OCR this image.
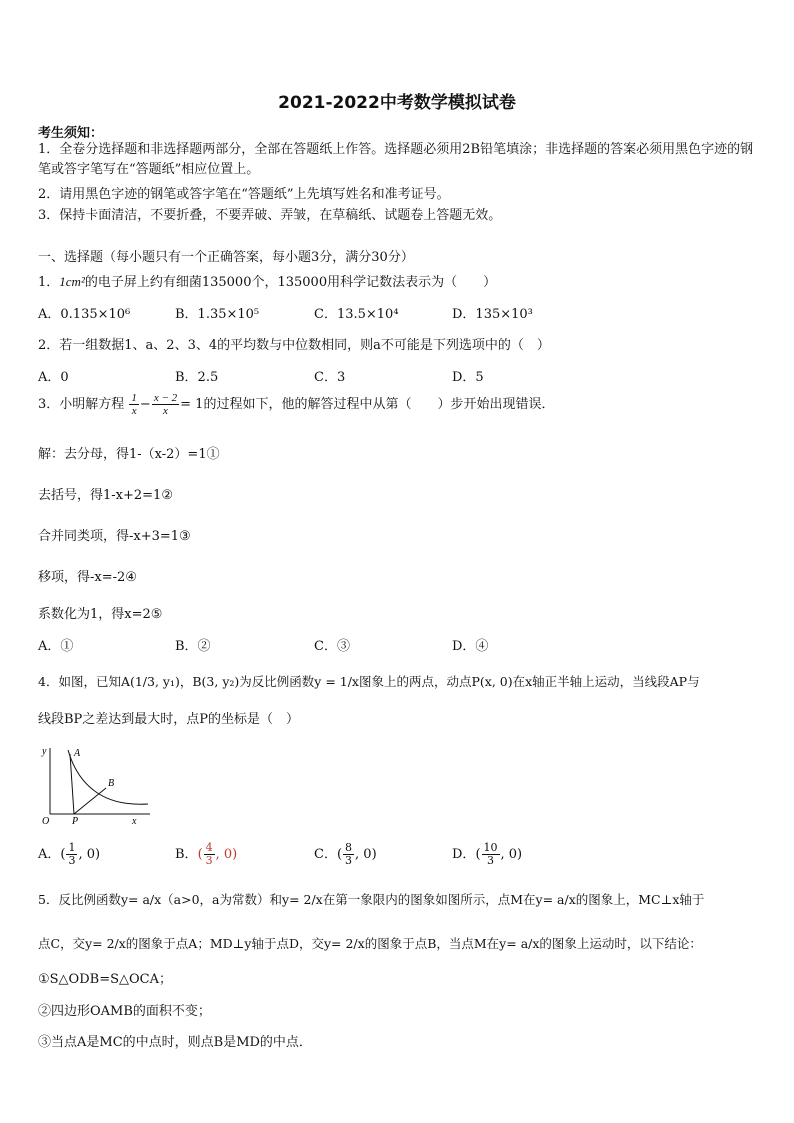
2021-2022中考数学模拟试卷
考生须知：
1．全卷分选择题和非选择题两部分，全部在答题纸上作答。选择题必须用2B铅笔填涂；非选择题的答案必须用黑色字迹的钢笔或答字笔写在“答题纸”相应位置上。
2．请用黑色字迹的钢笔或答字笔在“答题纸”上先填写姓名和准考证号。
3．保持卡面清洁，不要折叠，不要弄破、弄皱，在草稿纸、试题卷上答题无效。
一、选择题（每小题只有一个正确答案，每小题3分，满分30分）
1．1cm²的电子屏上约有细菌135000个，135000用科学记数法表示为（　　）
A．0.135×10⁶	B．1.35×10⁵	C．13.5×10⁴	D．135×10³
2．若一组数据1、a、2、3、4的平均数与中位数相同，则a不可能是下列选项中的（　）
A．0	B．2.5	C．3	D．5
3．小明解方程 $\frac{1}{x} - \frac{x - 2}{x} = 1$的过程如下，他的解答过程中从第（　　）步开始出现错误．
解：去分母，得1-（x-2）=1①
去括号，得1-x+2=1②
合并同类项，得-x+3=1③
移项，得-x=-2④
系数化为1，得x=2⑤
A．①	B．②	C．③	D．④
4．如图，已知A(1/3, y₁)，B(3, y₂)为反比例函数y = 1/x图象上的两点，动点P(x, 0)在x轴正半轴上运动，当线段AP与
线段BP之差达到最大时，点P的坐标是（　）
y	A
B
O P	x
A．( $\frac{1}{3}$ , 0)	B．( $\frac{4}{3}$ , 0)	C．( $\frac{8}{3}$ , 0)	D．( $\frac{10}{3}$ , 0)
5．反比例函数y= a/x（a>0，a为常数）和y= 2/x在第一象限内的图象如图所示，点M在y= a/x的图象上，MC⊥x轴于
点C，交y= 2/x的图象于点A；MD⊥y轴于点D，交y= 2/x的图象于点B，当点M在y= a/x的图象上运动时，以下结论：
①S△ODB=S△OCA；
②四边形OAMB的面积不变；
③当点A是MC的中点时，则点B是MD的中点．
